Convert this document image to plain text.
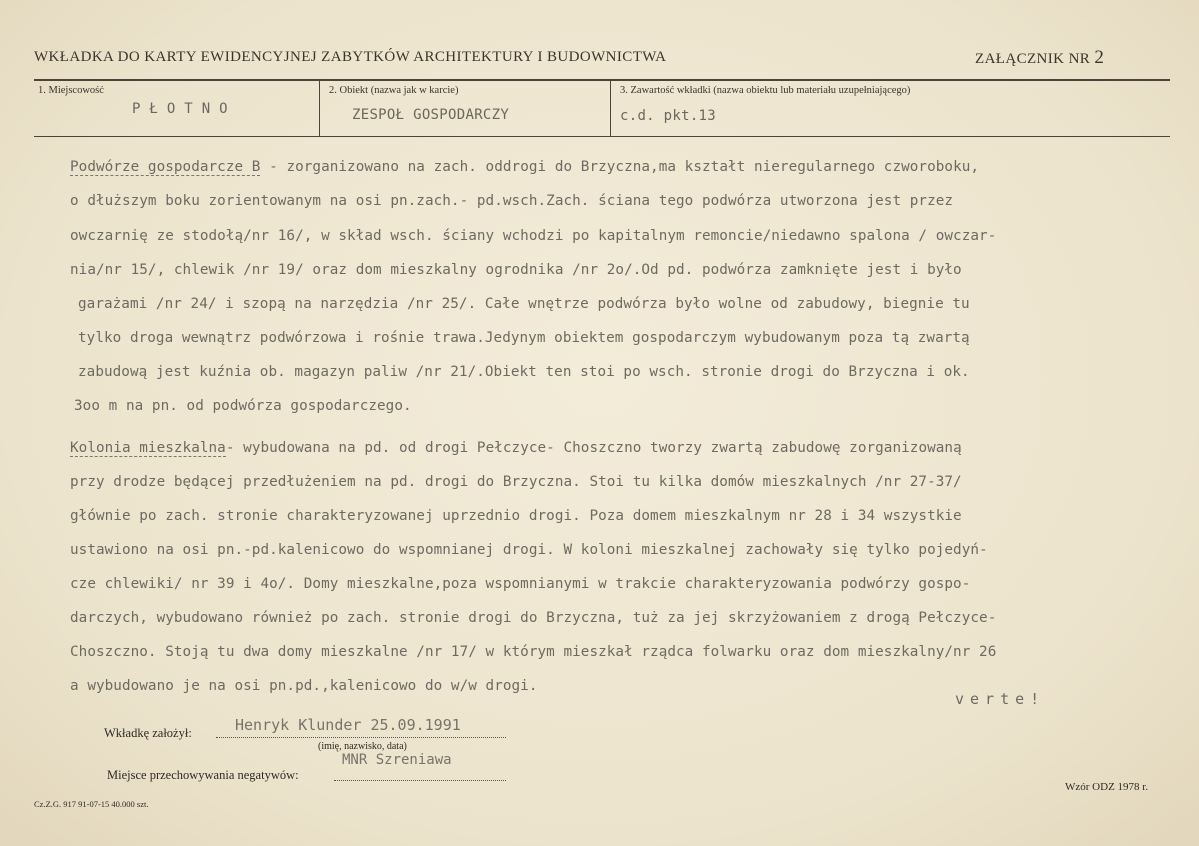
WKŁADKA DO KARTY EWIDENCYJNEJ ZABYTKÓW ARCHITEKTURY I BUDOWNICTWA	ZAŁĄCZNIK NR 2
1. Miejscowość
PŁOTNO
2. Obiekt (nazwa jak w karcie)
ZESPOŁ GOSPODARCZY
3. Zawartość wkładki (nazwa obiektu lub materiału uzupełniającego)
c.d. pkt.13
Podwórze gospodarcze B - zorganizowano na zach. oddrogi do Brzyczna,ma kształt nieregularnego czworoboku,
o dłuższym boku zorientowanym na osi pn.zach.- pd.wsch.Zach. ściana tego podwórza utworzona jest przez
owczarnię ze stodołą/nr 16/, w skład wsch. ściany wchodzi po kapitalnym remoncie/niedawno spalona / owczar-
nia/nr 15/, chlewik /nr 19/ oraz dom mieszkalny ogrodnika /nr 2o/.Od pd. podwórza zamknięte jest i było
garażami /nr 24/ i szopą na narzędzia /nr 25/. Całe wnętrze podwórza było wolne od zabudowy, biegnie tu
tylko droga wewnątrz podwórzowa i rośnie trawa.Jedynym obiektem gospodarczym wybudowanym poza tą zwartą
zabudową jest kuźnia ob. magazyn paliw /nr 21/.Obiekt ten stoi po wsch. stronie drogi do Brzyczna i ok.
3oo m na pn. od podwórza gospodarczego.
Kolonia mieszkalna- wybudowana na pd. od drogi Pełczyce- Choszczno tworzy zwartą zabudowę zorganizowaną
przy drodze będącej przedłużeniem na pd. drogi do Brzyczna. Stoi tu kilka domów mieszkalnych /nr 27-37/
głównie po zach. stronie charakteryzowanej uprzednio drogi. Poza domem mieszkalnym nr 28 i 34 wszystkie
ustawiono na osi pn.-pd.kalenicowo do wspomnianej drogi. W koloni mieszkalnej zachowały się tylko pojedyń-
cze chlewiki/ nr 39 i 4o/. Domy mieszkalne,poza wspomnianymi w trakcie charakteryzowania podwórzy gospo-
darczych, wybudowano również po zach. stronie drogi do Brzyczna, tuż za jej skrzyżowaniem z drogą Pełczyce-
Choszczno. Stoją tu dwa domy mieszkalne /nr 17/ w którym mieszkał rządca folwarku oraz dom mieszkalny/nr 26
a wybudowano je na osi pn.pd.,kalenicowo do w/w drogi.
verte!
Wkładkę założył:	Henryk Klunder 25.09.1991
(imię, nazwisko, data)
Miejsce przechowywania negatywów:
MNR Szreniawa
Cz.Z.G. 917 91-07-15 40.000 szt.
Wzór ODZ 1978 r.
